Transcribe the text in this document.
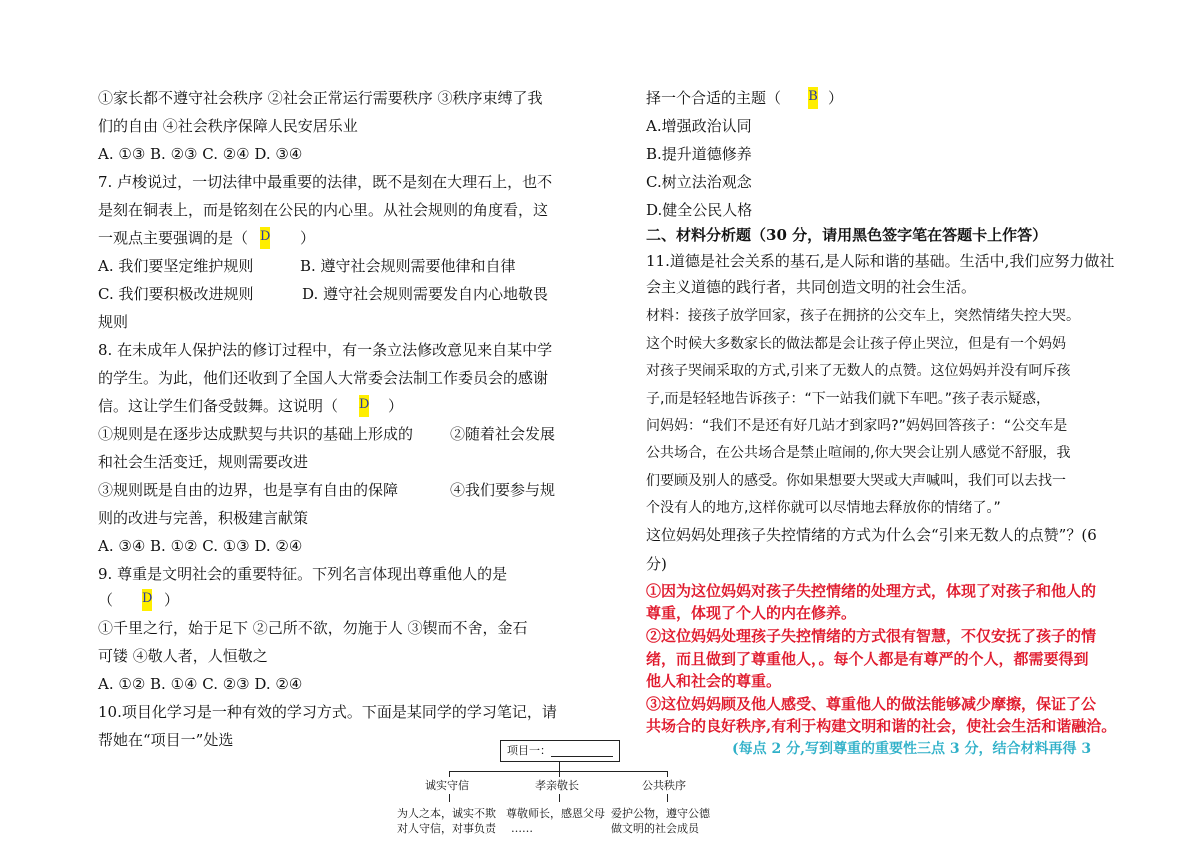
①家长都不遵守社会秩序 ②社会正常运行需要秩序 ③秩序束缚了我
们的自由 ④社会秩序保障人民安居乐业
A. ①③ B. ②③ C. ②④ D. ③④
7. 卢梭说过，一切法律中最重要的法律，既不是刻在大理石上，也不
是刻在铜表上，而是铭刻在公民的内心里。从社会规则的角度看，这
一观点主要强调的是（ D ）
A. 我们要坚定维护规则	B. 遵守社会规则需要他律和自律
C. 我们要积极改进规则	D. 遵守社会规则需要发自内心地敬畏
规则
8. 在未成年人保护法的修订过程中，有一条立法修改意见来自某中学
的学生。为此，他们还收到了全国人大常委会法制工作委员会的感谢
信。这让学生们备受鼓舞。这说明（ D ）
①规则是在逐步达成默契与共识的基础上形成的 ②随着社会发展
和社会生活变迁，规则需要改进
③规则既是自由的边界，也是享有自由的保障	④我们要参与规
则的改进与完善，积极建言献策
A. ③④ B. ①② C. ①③ D. ②④
9. 尊重是文明社会的重要特征。下列名言体现出尊重他人的是
（ D ）
①千里之行，始于足下 ②己所不欲，勿施于人 ③锲而不舍，金石
可镂 ④敬人者，人恒敬之
A. ①② B. ①④ C. ②③ D. ②④
10.项目化学习是一种有效的学习方式。下面是某同学的学习笔记，请
帮她在“项目一”处选
项目一：
诚实守信	孝亲敬长	公共秩序
为人之本，诚实不欺
对人守信，对事负责
尊敬师长，感恩父母
……
爱护公物，遵守公德
做文明的社会成员
择一个合适的主题（ B ）
A.增强政治认同
B.提升道德修养
C.树立法治观念
D.健全公民人格
二、材料分析题（30 分，请用黑色签字笔在答题卡上作答）
11.道德是社会关系的基石,是人际和谐的基础。生活中,我们应努力做社
会主义道德的践行者，共同创造文明的社会生活。
材料：接孩子放学回家，孩子在拥挤的公交车上，突然情绪失控大哭。
这个时候大多数家长的做法都是会让孩子停止哭泣，但是有一个妈妈
对孩子哭闹采取的方式,引来了无数人的点赞。这位妈妈并没有呵斥孩
子,而是轻轻地告诉孩子：“下一站我们就下车吧。”孩子表示疑惑，
问妈妈：“我们不是还有好几站才到家吗?”妈妈回答孩子：“公交车是
公共场合，在公共场合是禁止喧闹的,你大哭会让别人感觉不舒服，我
们要顾及别人的感受。你如果想要大哭或大声喊叫，我们可以去找一
个没有人的地方,这样你就可以尽情地去释放你的情绪了。”
这位妈妈处理孩子失控情绪的方式为什么会“引来无数人的点赞”？(6
分)
①因为这位妈妈对孩子失控情绪的处理方式，体现了对孩子和他人的
尊重，体现了个人的内在修养。
②这位妈妈处理孩子失控情绪的方式很有智慧，不仅安抚了孩子的情
绪，而且做到了尊重他人，。每个人都是有尊严的个人，都需要得到
他人和社会的尊重。
③这位妈妈顾及他人感受、尊重他人的做法能够减少摩擦，保证了公
共场合的良好秩序,有利于构建文明和谐的社会，使社会生活和谐融洽。
(每点 2 分,写到尊重的重要性三点 3 分，结合材料再得 3
